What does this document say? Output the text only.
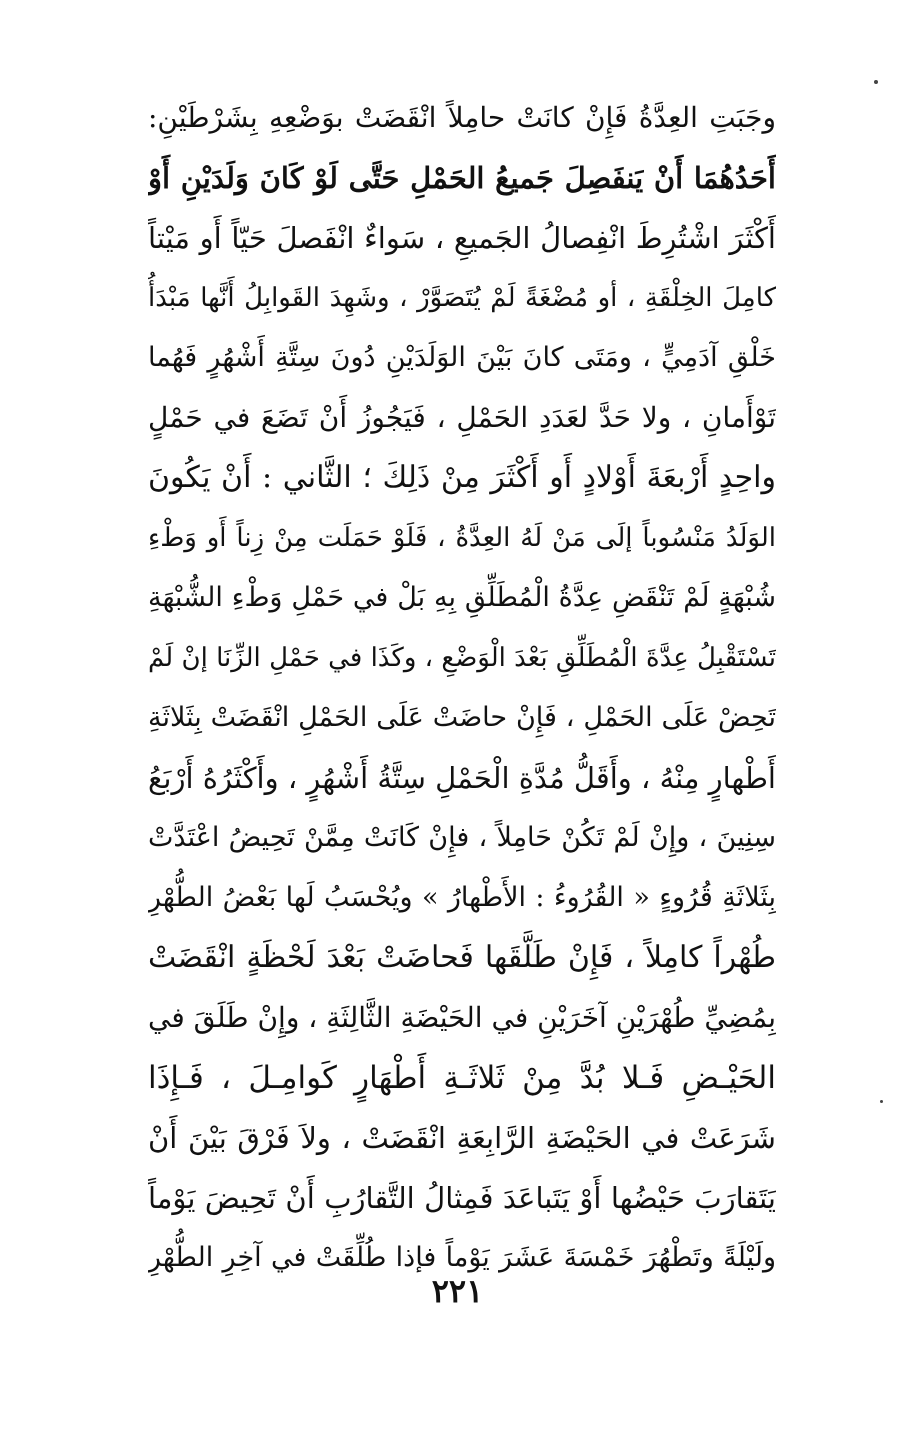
وجَبَتِ العِدَّةُ فَإِنْ كانَتْ حامِلاً انْقَضَتْ بوَضْعِهِ بِشَرْطَيْنِ:
أَحَدُهُمَا أَنْ يَنفَصِلَ جَميعُ الحَمْلِ حَتَّى لَوْ كَانَ وَلَدَيْنِ أَوْ
أَكْثَرَ اشْتُرِطَ انْفِصالُ الجَميعِ ، سَواءٌ انْفَصلَ حَيّاً أَو مَيْتاً
كامِلَ الخِلْقَةِ ، أو مُضْغَةً لَمْ يُتَصَوَّرْ ، وشَهِدَ القَوابِلُ أَنَّها مَبْدَأُ
خَلْقِ آدَمِيٍّ ، ومَتَى كانَ بَيْنَ الوَلَدَيْنِ دُونَ سِتَّةِ أَشْهُرٍ فَهُما
تَوْأَمانِ ، ولا حَدَّ لعَدَدِ الحَمْلِ ، فَيَجُوزُ أَنْ تَضَعَ في حَمْلٍ
واحِدٍ أَرْبعَةَ أَوْلادٍ أَو أَكْثَرَ مِنْ ذَلِكَ ؛ الثَّاني : أَنْ يَكُونَ
الوَلَدُ مَنْسُوباً إلَى مَنْ لَهُ العِدَّةُ ، فَلَوْ حَمَلَت مِنْ زِناً أَو وَطْءِ
شُبْهَةٍ لَمْ تَنْقَضِ عِدَّةُ الْمُطَلِّقِ بِهِ بَلْ في حَمْلِ وَطْءِ الشُّبْهَةِ
تَسْتَقْبِلُ عِدَّةَ الْمُطَلِّقِ بَعْدَ الْوَضْعِ ، وكَذَا في حَمْلِ الزِّنَا إنْ لَمْ
تَحِضْ عَلَى الحَمْلِ ، فَإِنْ حاضَتْ عَلَى الحَمْلِ انْقَضَتْ بِثَلاثَةِ
أَطْهارٍ مِنْهُ ، وأَقَلُّ مُدَّةِ الْحَمْلِ سِتَّةُ أَشْهُرٍ ، وأَكْثَرُهُ أَرْبَعُ
سِنِينَ ، وإِنْ لَمْ تَكُنْ حَامِلاً ، فإِنْ كَانَتْ مِمَّنْ تَحِيضُ اعْتَدَّتْ
بِثَلاثَةِ قُرُوءٍ « القُرُوءُ : الأَطْهارُ » ويُحْسَبُ لَها بَعْضُ الطُّهْرِ
طُهْراً كامِلاً ، فَإِنْ طَلَّقَها فَحاضَتْ بَعْدَ لَحْظَةٍ انْقَضَتْ
بِمُضِيِّ طُهْرَيْنِ آخَرَيْنِ في الحَيْضَةِ الثَّالِثَةِ ، وإِنْ طَلَقَ في
الحَيْـضِ فَـلا بُدَّ مِنْ ثَلاثَـةِ أَطْهَارٍ كَوامِـلَ ، فَـإِذَا
شَرَعَتْ في الحَيْضَةِ الرَّابِعَةِ انْقَضَتْ ، ولاَ فَرْقَ بَيْنَ أَنْ
يَتَقارَبَ حَيْضُها أَوْ يَتَباعَدَ فَمِثالُ التَّقارُبِ أَنْ تَحِيضَ يَوْماً
ولَيْلَةً وتَطْهُرَ خَمْسَةَ عَشَرَ يَوْماً فإذا طُلِّقَتْ في آخِرِ الطُّهْرِ
٢٢١
